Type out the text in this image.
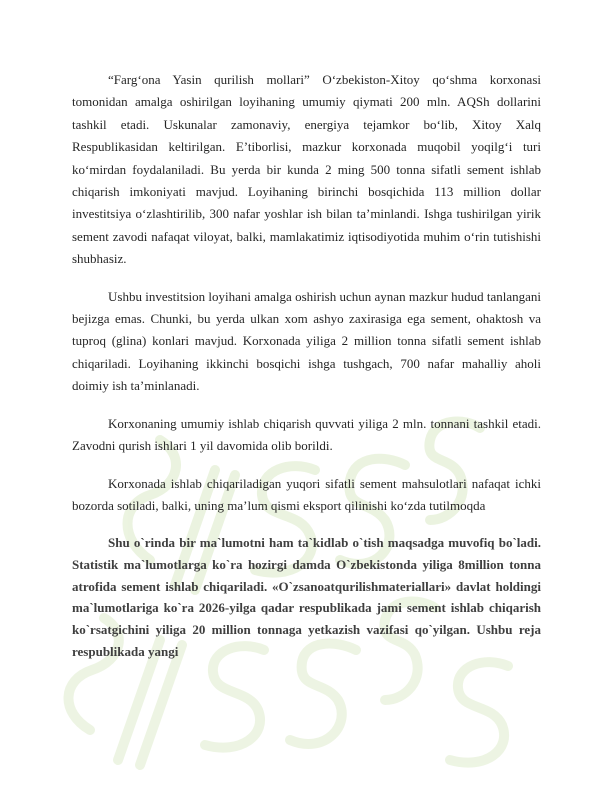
“Farg‘ona Yasin qurilish mollari” O‘zbekiston-Xitoy qo‘shma korxonasi tomonidan amalga oshirilgan loyihaning umumiy qiymati 200 mln. AQSh dollarini tashkil etadi. Uskunalar zamonaviy, energiya tejamkor bo‘lib, Xitoy Xalq Respublikasidan keltirilgan. E’tiborlisi, mazkur korxonada muqobil yoqilg‘i turi ko‘mirdan foydalaniladi. Bu yerda bir kunda 2 ming 500 tonna sifatli sement ishlab chiqarish imkoniyati mavjud. Loyihaning birinchi bosqichida 113 million dollar investitsiya o‘zlashtirilib, 300 nafar yoshlar ish bilan ta’minlandi. Ishga tushirilgan yirik sement zavodi nafaqat viloyat, balki, mamlakatimiz iqtisodiyotida muhim o‘rin tutishishi shubhasiz.

Ushbu investitsion loyihani amalga oshirish uchun aynan mazkur hudud tanlangani bejizga emas. Chunki, bu yerda ulkan xom ashyo zaxirasiga ega sement, ohaktosh va tuproq (glina) konlari mavjud. Korxonada yiliga 2 million tonna sifatli sement ishlab chiqariladi. Loyihaning ikkinchi bosqichi ishga tushgach, 700 nafar mahalliy aholi doimiy ish ta’minlanadi.

Korxonaning umumiy ishlab chiqarish quvvati yiliga 2 mln. tonnani tashkil etadi. Zavodni qurish ishlari 1 yil davomida olib borildi.

Korxonada ishlab chiqariladigan yuqori sifatli sement mahsulotlari nafaqat ichki bozorda sotiladi, balki, uning ma’lum qismi eksport qilinishi ko‘zda tutilmoqda

Shu o`rinda bir ma`lumotni ham ta`kidlab o`tish maqsadga muvofiq bo`ladi. Statistik ma`lumotlarga ko`ra hozirgi damda O`zbekistonda yiliga 8million tonna atrofida sement ishlab chiqariladi. «O`zsanoatqurilishmateriallari» davlat holdingi ma`lumotlariga ko`ra 2026-yilga qadar respublikada jami sement ishlab chiqarish ko`rsatgichini yiliga 20 million tonnaga yetkazish vazifasi qo`yilgan. Ushbu reja respublikada yangi
